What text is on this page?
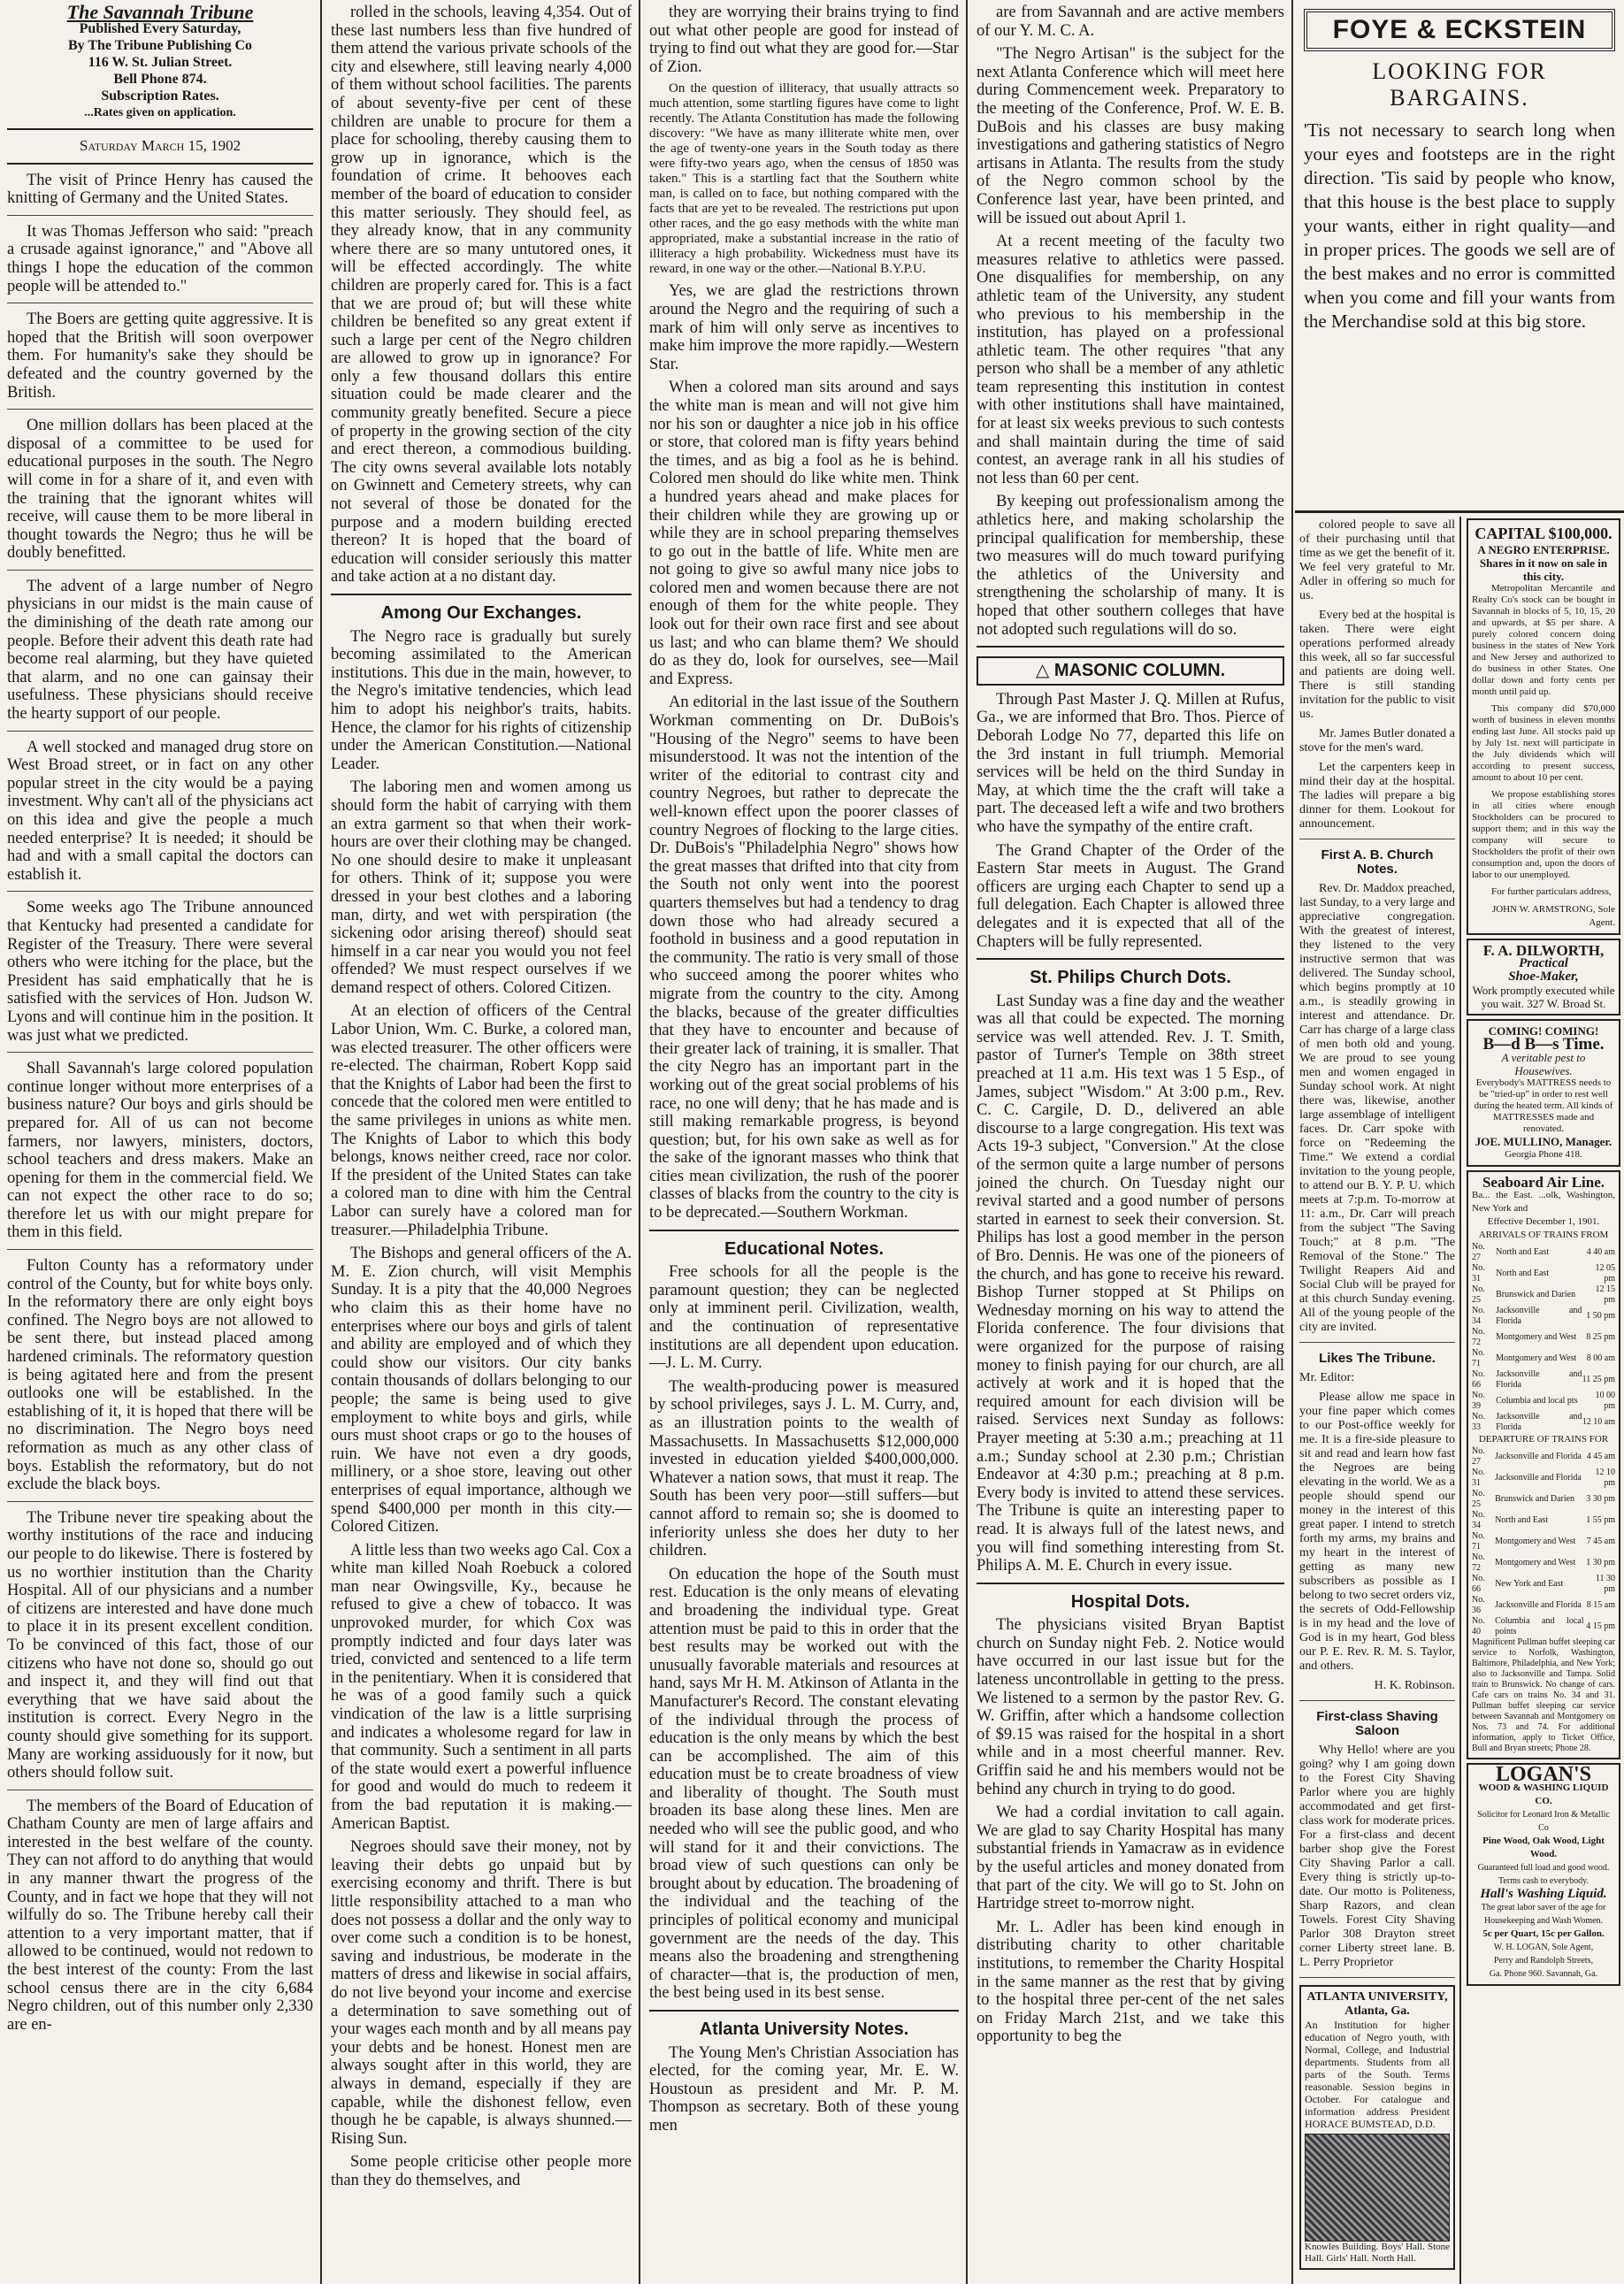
The Savannah Tribune
Published Every Saturday,
By The Tribune Publishing Co
116 W. St. Julian Street.
Bell Phone 874.
Subscription Rates.
...Rates given on application.
Saturday March 15, 1902

The visit of Prince Henry has caused the knitting of Germany and the United States.

It was Thomas Jefferson who said: "preach a crusade against ignorance," and "Above all things I hope the education of the common people will be attended to."

The Boers are getting quite aggressive. It is hoped that the British will soon overpower them. For humanity's sake they should be defeated and the country governed by the British.

One million dollars has been placed at the disposal of a committee to be used for educational purposes in the south. The Negro will come in for a share of it, and even with the training that the ignorant whites will receive, will cause them to be more liberal in thought towards the Negro; thus he will be doubly benefitted.

The advent of a large number of Negro physicians in our midst is the main cause of the diminishing of the death rate among our people. Before their advent this death rate had become real alarming, but they have quieted that alarm, and no one can gainsay their usefulness. These physicians should receive the hearty support of our people.

A well stocked and managed drug store on West Broad street, or in fact on any other popular street in the city would be a paying investment. Why can't all of the physicians act on this idea and give the people a much needed enterprise? It is needed; it should be had and with a small capital the doctors can establish it.

Some weeks ago The Tribune announced that Kentucky had presented a candidate for Register of the Treasury. There were several others who were itching for the place, but the President has said emphatically that he is satisfied with the services of Hon. Judson W. Lyons and will continue him in the position. It was just what we predicted.

Shall Savannah's large colored population continue longer without more enterprises of a business nature? Our boys and girls should be prepared for. All of us can not become farmers, nor lawyers, ministers, doctors, school teachers and dress makers. Make an opening for them in the commercial field. We can not expect the other race to do so; therefore let us with our might prepare for them in this field.

Fulton County has a reformatory under control of the County, but for white boys only. In the reformatory there are only eight boys confined. The Negro boys are not allowed to be sent there, but instead placed among hardened criminals. The reformatory question is being agitated here and from the present outlooks one will be established. In the establishing of it, it is hoped that there will be no discrimination. The Negro boys need reformation as much as any other class of boys. Establish the reformatory, but do not exclude the black boys.

The Tribune never tire speaking about the worthy institutions of the race and inducing our people to do likewise. There is fostered by us no worthier institution than the Charity Hospital. All of our physicians and a number of citizens are interested and have done much to place it in its present excellent condition. To be convinced of this fact, those of our citizens who have not done so, should go out and inspect it, and they will find out that everything that we have said about the institution is correct. Every Negro in the county should give something for its support. Many are working assiduously for it now, but others should follow suit.

The members of the Board of Education of Chatham County are men of large affairs and interested in the best welfare of the county. They can not afford to do anything that would in any manner thwart the progress of the County, and in fact we hope that they will not wilfully do so. The Tribune hereby call their attention to a very important matter, that if allowed to be continued, would not redown to the best interest of the county: From the last school census there are in the city 6,684 Negro children, out of this number only 2,330 are en-

rolled in the schools, leaving 4,354. Out of these last numbers less than five hundred of them attend the various private schools of the city and elsewhere, still leaving nearly 4,000 of them without school facilities. The parents of about seventy-five per cent of these children are unable to procure for them a place for schooling, thereby causing them to grow up in ignorance, which is the foundation of crime. It behooves each member of the board of education to consider this matter seriously. They should feel, as they already know, that in any community where there are so many untutored ones, it will be effected accordingly. The white children are properly cared for. This is a fact that we are proud of; but will these white children be benefited so any great extent if such a large per cent of the Negro children are allowed to grow up in ignorance? For only a few thousand dollars this entire situation could be made clearer and the community greatly benefited. Secure a piece of property in the growing section of the city and erect thereon, a commodious building. The city owns several available lots notably on Gwinnett and Cemetery streets, why can not several of those be donated for the purpose and a modern building erected thereon? It is hoped that the board of education will consider seriously this matter and take action at a no distant day.

Among Our Exchanges.

The Negro race is gradually but surely becoming assimilated to the American institutions. This due in the main, however, to the Negro's imitative tendencies, which lead him to adopt his neighbor's traits, habits. Hence, the clamor for his rights of citizenship under the American Constitution.—National Leader.

The laboring men and women among us should form the habit of carrying with them an extra garment so that when their work-hours are over their clothing may be changed. No one should desire to make it unpleasant for others. Think of it; suppose you were dressed in your best clothes and a laboring man, dirty, and wet with perspiration (the sickening odor arising thereof) should seat himself in a car near you would you not feel offended? We must respect ourselves if we demand respect of others. Colored Citizen.

At an election of officers of the Central Labor Union, Wm. C. Burke, a colored man, was elected treasurer. The other officers were re-elected. The chairman, Robert Kopp said that the Knights of Labor had been the first to concede that the colored men were entitled to the same privileges in unions as white men. The Knights of Labor to which this body belongs, knows neither creed, race nor color. If the president of the United States can take a colored man to dine with him the Central Labor can surely have a colored man for treasurer.—Philadelphia Tribune.

The Bishops and general officers of the A. M. E. Zion church, will visit Memphis Sunday. It is a pity that the 40,000 Negroes who claim this as their home have no enterprises where our boys and girls of talent and ability are employed and of which they could show our visitors. Our city banks contain thousands of dollars belonging to our people; the same is being used to give employment to white boys and girls, while ours must shoot craps or go to the houses of ruin. We have not even a dry goods, millinery, or a shoe store, leaving out other enterprises of equal importance, although we spend $400,000 per month in this city.—Colored Citizen.

A little less than two weeks ago Cal. Cox a white man killed Noah Roebuck a colored man near Owingsville, Ky., because he refused to give a chew of tobacco. It was unprovoked murder, for which Cox was promptly indicted and four days later was tried, convicted and sentenced to a life term in the penitentiary. When it is considered that he was of a good family such a quick vindication of the law is a little surprising and indicates a wholesome regard for law in that community. Such a sentiment in all parts of the state would exert a powerful influence for good and would do much to redeem it from the bad reputation it is making.—American Baptist.

Negroes should save their money, not by leaving their debts go unpaid but by exercising economy and thrift. There is but little responsibility attached to a man who does not possess a dollar and the only way to over come such a condition is to be honest, saving and industrious, be moderate in the matters of dress and likewise in social affairs, do not live beyond your income and exercise a determination to save something out of your wages each month and by all means pay your debts and be honest. Honest men are always sought after in this world, they are always in demand, especially if they are capable, while the dishonest fellow, even though he be capable, is always shunned.—Rising Sun.

Some people criticise other people more than they do themselves, and

they are worrying their brains trying to find out what other people are good for instead of trying to find out what they are good for.—Star of Zion.

On the question of illiteracy, that usually attracts so much attention, some startling figures have come to light recently. The Atlanta Constitution has made the following discovery: "We have as many illiterate white men, over the age of twenty-one years in the South today as there were fifty-two years ago, when the census of 1850 was taken." This is a startling fact that the Southern white man, is called on to face, but nothing compared with the facts that are yet to be revealed. The restrictions put upon other races, and the go easy methods with the white man appropriated, make a substantial increase in the ratio of illiteracy a high probability. Wickedness must have its reward, in one way or the other.—National B.Y.P.U.

Yes, we are glad the restrictions thrown around the Negro and the requiring of such a mark of him will only serve as incentives to make him improve the more rapidly.—Western Star.

When a colored man sits around and says the white man is mean and will not give him nor his son or daughter a nice job in his office or store, that colored man is fifty years behind the times, and as big a fool as he is behind. Colored men should do like white men. Think a hundred years ahead and make places for their children while they are growing up or while they are in school preparing themselves to go out in the battle of life. White men are not going to give so awful many nice jobs to colored men and women because there are not enough of them for the white people. They look out for their own race first and see about us last; and who can blame them? We should do as they do, look for ourselves, see—Mail and Express.

An editorial in the last issue of the Southern Workman commenting on Dr. DuBois's "Housing of the Negro" seems to have been misunderstood. It was not the intention of the writer of the editorial to contrast city and country Negroes, but rather to deprecate the well-known effect upon the poorer classes of country Negroes of flocking to the large cities. Dr. DuBois's "Philadelphia Negro" shows how the great masses that drifted into that city from the South not only went into the poorest quarters themselves but had a tendency to drag down those who had already secured a foothold in business and a good reputation in the community. The ratio is very small of those who succeed among the poorer whites who migrate from the country to the city. Among the blacks, because of the greater difficulties that they have to encounter and because of their greater lack of training, it is smaller. That the city Negro has an important part in the working out of the great social problems of his race, no one will deny; that he has made and is still making remarkable progress, is beyond question; but, for his own sake as well as for the sake of the ignorant masses who think that cities mean civilization, the rush of the poorer classes of blacks from the country to the city is to be deprecated.—Southern Workman.

Educational Notes.

Free schools for all the people is the paramount question; they can be neglected only at imminent peril. Civilization, wealth, and the continuation of representative institutions are all dependent upon education.—J. L. M. Curry.

The wealth-producing power is measured by school privileges, says J. L. M. Curry, and, as an illustration points to the wealth of Massachusetts. In Massachusetts $12,000,000 invested in education yielded $400,000,000. Whatever a nation sows, that must it reap. The South has been very poor—still suffers—but cannot afford to remain so; she is doomed to inferiority unless she does her duty to her children.

On education the hope of the South must rest. Education is the only means of elevating and broadening the individual type. Great attention must be paid to this in order that the best results may be worked out with the unusually favorable materials and resources at hand, says Mr H. M. Atkinson of Atlanta in the Manufacturer's Record. The constant elevating of the individual through the process of education is the only means by which the best can be accomplished. The aim of this education must be to create broadness of view and liberality of thought. The South must broaden its base along these lines. Men are needed who will see the public good, and who will stand for it and their convictions. The broad view of such questions can only be brought about by education. The broadening of the individual and the teaching of the principles of political economy and municipal government are the needs of the day. This means also the broadening and strengthening of character—that is, the production of men, the best being used in its best sense.

Atlanta University Notes.

The Young Men's Christian Association has elected, for the coming year, Mr. E. W. Houstoun as president and Mr. P. M. Thompson as secretary. Both of these young men

are from Savannah and are active members of our Y. M. C. A.

"The Negro Artisan" is the subject for the next Atlanta Conference which will meet here during Commencement week. Preparatory to the meeting of the Conference, Prof. W. E. B. DuBois and his classes are busy making investigations and gathering statistics of Negro artisans in Atlanta. The results from the study of the Negro common school by the Conference last year, have been printed, and will be issued out about April 1.

At a recent meeting of the faculty two measures relative to athletics were passed. One disqualifies for membership, on any athletic team of the University, any student who previous to his membership in the institution, has played on a professional athletic team. The other requires "that any person who shall be a member of any athletic team representing this institution in contest with other institutions shall have maintained, for at least six weeks previous to such contests and shall maintain during the time of said contest, an average rank in all his studies of not less than 60 per cent.

By keeping out professionalism among the athletics here, and making scholarship the principal qualification for membership, these two measures will do much toward purifying the athletics of the University and strengthening the scholarship of many. It is hoped that other southern colleges that have not adopted such regulations will do so.

△ MASONIC COLUMN.

Through Past Master J. Q. Millen at Rufus, Ga., we are informed that Bro. Thos. Pierce of Deborah Lodge No 77, departed this life on the 3rd instant in full triumph. Memorial services will be held on the third Sunday in May, at which time the the craft will take a part. The deceased left a wife and two brothers who have the sympathy of the entire craft.

The Grand Chapter of the Order of the Eastern Star meets in August. The Grand officers are urging each Chapter to send up a full delegation. Each Chapter is allowed three delegates and it is expected that all of the Chapters will be fully represented.

St. Philips Church Dots.

Last Sunday was a fine day and the weather was all that could be expected. The morning service was well attended. Rev. J. T. Smith, pastor of Turner's Temple on 38th street preached at 11 a.m. His text was 1 5 Esp., of James, subject "Wisdom." At 3:00 p.m., Rev. C. C. Cargile, D. D., delivered an able discourse to a large congregation. His text was Acts 19-3 subject, "Conversion." At the close of the sermon quite a large number of persons joined the church. On Tuesday night our revival started and a good number of persons started in earnest to seek their conversion. St. Philips has lost a good member in the person of Bro. Dennis. He was one of the pioneers of the church, and has gone to receive his reward. Bishop Turner stopped at St Philips on Wednesday morning on his way to attend the Florida conference. The four divisions that were organized for the purpose of raising money to finish paying for our church, are all actively at work and it is hoped that the required amount for each division will be raised. Services next Sunday as follows: Prayer meeting at 5:30 a.m.; preaching at 11 a.m.; Sunday school at 2.30 p.m.; Christian Endeavor at 4:30 p.m.; preaching at 8 p.m. Every body is invited to attend these services. The Tribune is quite an interesting paper to read. It is always full of the latest news, and you will find something interesting from St. Philips A. M. E. Church in every issue.

Hospital Dots.

The physicians visited Bryan Baptist church on Sunday night Feb. 2. Notice would have occurred in our last issue but for the lateness uncontrollable in getting to the press. We listened to a sermon by the pastor Rev. G. W. Griffin, after which a handsome collection of $9.15 was raised for the hospital in a short while and in a most cheerful manner. Rev. Griffin said he and his members would not be behind any church in trying to do good.

We had a cordial invitation to call again. We are glad to say Charity Hospital has many substantial friends in Yamacraw as in evidence by the useful articles and money donated from that part of the city. We will go to St. John on Hartridge street to-morrow night.

Mr. L. Adler has been kind enough in distributing charity to other charitable institutions, to remember the Charity Hospital in the same manner as the rest that by giving to the hospital three per-cent of the net sales on Friday March 21st, and we take this opportunity to beg the

FOYE & ECKSTEIN
LOOKING FOR BARGAINS.
'Tis not necessary to search long when your eyes and footsteps are in the right direction. 'Tis said by people who know, that this house is the best place to supply your wants, either in right quality—and in proper prices. The goods we sell are of the best makes and no error is committed when you come and fill your wants from the Merchandise sold at this big store.

colored people to save all of their purchasing until that time as we get the benefit of it. We feel very grateful to Mr. Adler in offering so much for us.

Every bed at the hospital is taken. There were eight operations performed already this week, all so far successful and patients are doing well. There is still standing invitation for the public to visit us.

Mr. James Butler donated a stove for the men's ward.

Let the carpenters keep in mind their day at the hospital. The ladies will prepare a big dinner for them. Lookout for announcement.

First A. B. Church Notes.

Rev. Dr. Maddox preached, last Sunday, to a very large and appreciative congregation. With the greatest of interest, they listened to the very instructive sermon that was delivered. The Sunday school, which begins promptly at 10 a.m., is steadily growing in interest and attendance. Dr. Carr has charge of a large class of men both old and young. We are proud to see young men and women engaged in Sunday school work. At night there was, likewise, another large assemblage of intelligent faces. Dr. Carr spoke with force on "Redeeming the Time." We extend a cordial invitation to the young people, to attend our B. Y. P. U. which meets at 7:p.m. To-morrow at 11: a.m., Dr. Carr will preach from the subject "The Saving Touch;" at 8 p.m. "The Removal of the Stone." The Twilight Reapers Aid and Social Club will be prayed for at this church Sunday evening. All of the young people of the city are invited.

Likes The Tribune.

Mr. Editor:

Please allow me space in your fine paper which comes to our Post-office weekly for me. It is a fire-side pleasure to sit and read and learn how fast the Negroes are being elevating in the world. We as a people should spend our money in the interest of this great paper. I intend to stretch forth my arms, my brains and my heart in the interest of getting as many new subscribers as possible as I belong to two secret orders viz, the secrets of Odd-Fellowship is in my head and the love of God is in my heart, God bless our P. E. Rev. R. M. S. Taylor, and others.

H. K. Robinson.

First-class Shaving Saloon

Why Hello! where are you going? why I am going down to the Forest City Shaving Parlor where you are highly accommodated and get first-class work for moderate prices. For a first-class and decent barber shop give the Forest City Shaving Parlor a call. Every thing is strictly up-to-date. Our motto is Politeness, Sharp Razors, and clean Towels. Forest City Shaving Parlor 308 Drayton street corner Liberty street lane. B. L. Perry Proprietor

ATLANTA UNIVERSITY, Atlanta, Ga.
An Institution for higher education of Negro youth, with Normal, College, and Industrial departments. Students from all parts of the South. Terms reasonable. Session begins in October. For catalogue and information address President HORACE BUMSTEAD, D.D.
Knowles Building. Boys' Hall. Stone Hall. Girls' Hall. North Hall.
CAPITAL $100,000.
A NEGRO ENTERPRISE.
Shares in it now on sale in this city.

Metropolitan Mercantile and Realty Co's stock can be bought in Savannah in blocks of 5, 10, 15, 20 and upwards, at $5 per share. A purely colored concern doing business in the states of New York and New Jersey and authorized to do business in other States. One dollar down and forty cents per month until paid up.

This company did $70,000 worth of business in eleven months ending last June. All stocks paid up by July 1st. next will participate in the July dividends which will according to present success, amount to about 10 per cent.

We propose establishing stores in all cities where enough Stockholders can be procured to support them; and in this way the company will secure to Stockholders the profit of their own consumption and, upon the doors of labor to our unemployed.

For further particulars address,

JOHN W. ARMSTRONG, Sole Agent.
F. A. DILWORTH,
Practical
Shoe-Maker,
Work promptly executed while you wait. 327 W. Broad St.
COMING! COMING!
B—d B—s Time.
A veritable pest to Housewives.
Everybody's MATTRESS needs to be "tried-up" in order to rest well during the heated term. All kinds of MATTRESSES made and renovated.
JOE. MULLINO, Manager.
Georgia Phone 418.
Seaboard Air Line.
Ba... the East. ...olk, Washington, New York and
Effective December 1, 1901.
ARRIVALS OF TRAINS FROM
No. 27	North and East	4 40 am
No. 31	North and East	12 05 pm
No. 25	Brunswick and Darien	12 15 pm
No. 34	Jacksonville and Florida	1 50 pm
No. 72	Montgomery and West	8 25 pm
No. 71	Montgomery and West	8 00 am
No. 66	Jacksonville and Florida	11 25 pm
No. 39	Columbia and local pts	10 00 pm
No. 33	Jacksonville and Florida	12 10 am
DEPARTURE OF TRAINS FOR
No. 27	Jacksonville and Florida	4 45 am
No. 31	Jacksonville and Florida	12 10 pm
No. 25	Brunswick and Darien	3 30 pm
No. 34	North and East	1 55 pm
No. 71	Montgomery and West	7 45 am
No. 72	Montgomery and West	1 30 pm
No. 66	New York and East	11 30 pm
No. 36	Jacksonville and Florida	8 15 am
No. 40	Columbia and local points	4 15 pm
Magnificent Pullman buffet sleeping car service to Norfolk, Washington, Baltimore, Philadelphia, and New York; also to Jacksonville and Tampa. Solid train to Brunswick. No change of cars. Cafe cars on trains No. 34 and 31. Pullman buffet sleeping car service between Savannah and Montgomery on Nos. 73 and 74. For additional information, apply to Ticket Office, Bull and Bryan streets; Phone 28.
LOGAN'S
WOOD & WASHING LIQUID CO.
Solicitor for Leonard Iron & Metallic Co
Pine Wood, Oak Wood, Light Wood.
Guaranteed full load and good wood. Terms cash to everybody.
Hall's Washing Liquid.
The great labor saver of the age for Housekeeping and Wash Women.
5c per Quart, 15c per Gallon.
W. H. LOGAN, Sole Agent,
Perry and Randolph Streets,
Ga. Phone 960. Savannah, Ga.
